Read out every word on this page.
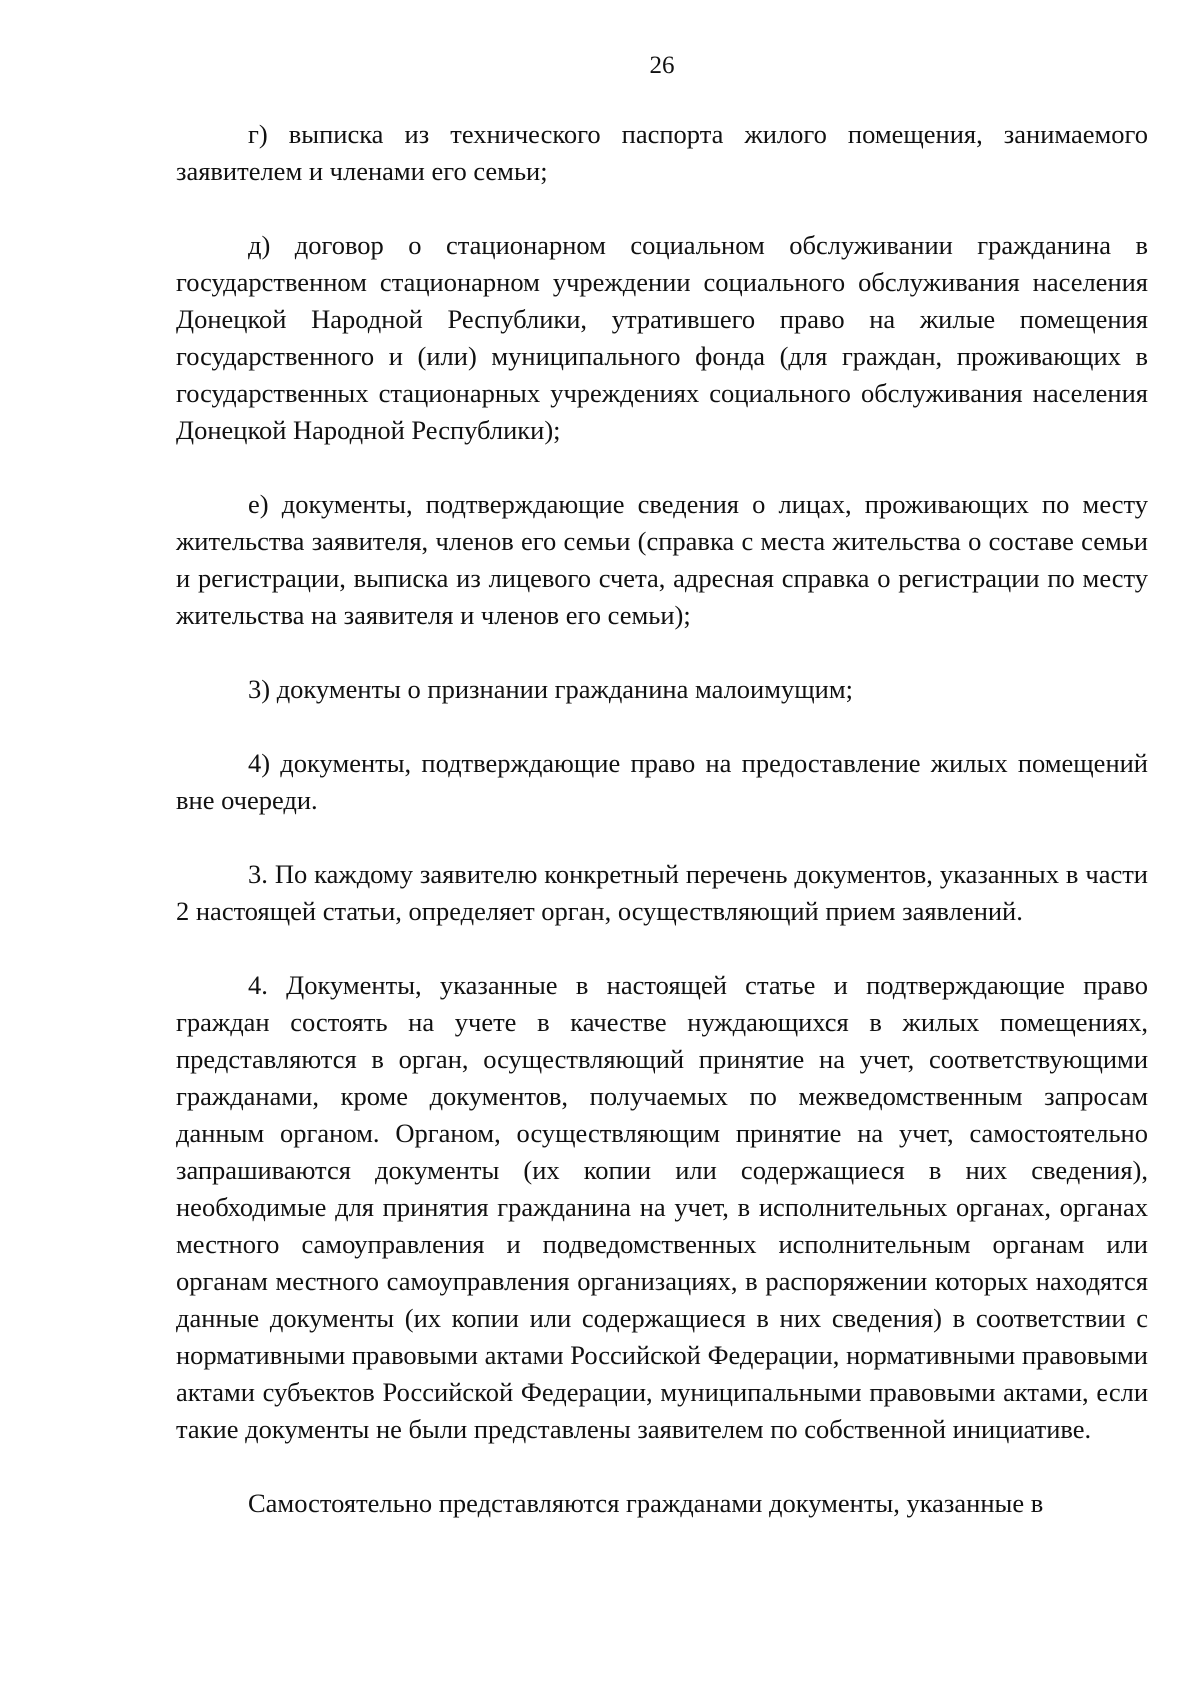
26

г) выписка из технического паспорта жилого помещения, занимаемого заявителем и членами его семьи;

д) договор о стационарном социальном обслуживании гражданина в государственном стационарном учреждении социального обслуживания населения Донецкой Народной Республики, утратившего право на жилые помещения государственного и (или) муниципального фонда (для граждан, проживающих в государственных стационарных учреждениях социального обслуживания населения Донецкой Народной Республики);

е) документы, подтверждающие сведения о лицах, проживающих по месту жительства заявителя, членов его семьи (справка с места жительства о составе семьи и регистрации, выписка из лицевого счета, адресная справка о регистрации по месту жительства на заявителя и членов его семьи);

3) документы о признании гражданина малоимущим;

4) документы, подтверждающие право на предоставление жилых помещений вне очереди.

3. По каждому заявителю конкретный перечень документов, указанных в части 2 настоящей статьи, определяет орган, осуществляющий прием заявлений.

4. Документы, указанные в настоящей статье и подтверждающие право граждан состоять на учете в качестве нуждающихся в жилых помещениях, представляются в орган, осуществляющий принятие на учет, соответствующими гражданами, кроме документов, получаемых по межведомственным запросам данным органом. Органом, осуществляющим принятие на учет, самостоятельно запрашиваются документы (их копии или содержащиеся в них сведения), необходимые для принятия гражданина на учет, в исполнительных органах, органах местного самоуправления и подведомственных исполнительным органам или органам местного самоуправления организациях, в распоряжении которых находятся данные документы (их копии или содержащиеся в них сведения) в соответствии с нормативными правовыми актами Российской Федерации, нормативными правовыми актами субъектов Российской Федерации, муниципальными правовыми актами, если такие документы не были представлены заявителем по собственной инициативе.

Самостоятельно представляются гражданами документы, указанные в
